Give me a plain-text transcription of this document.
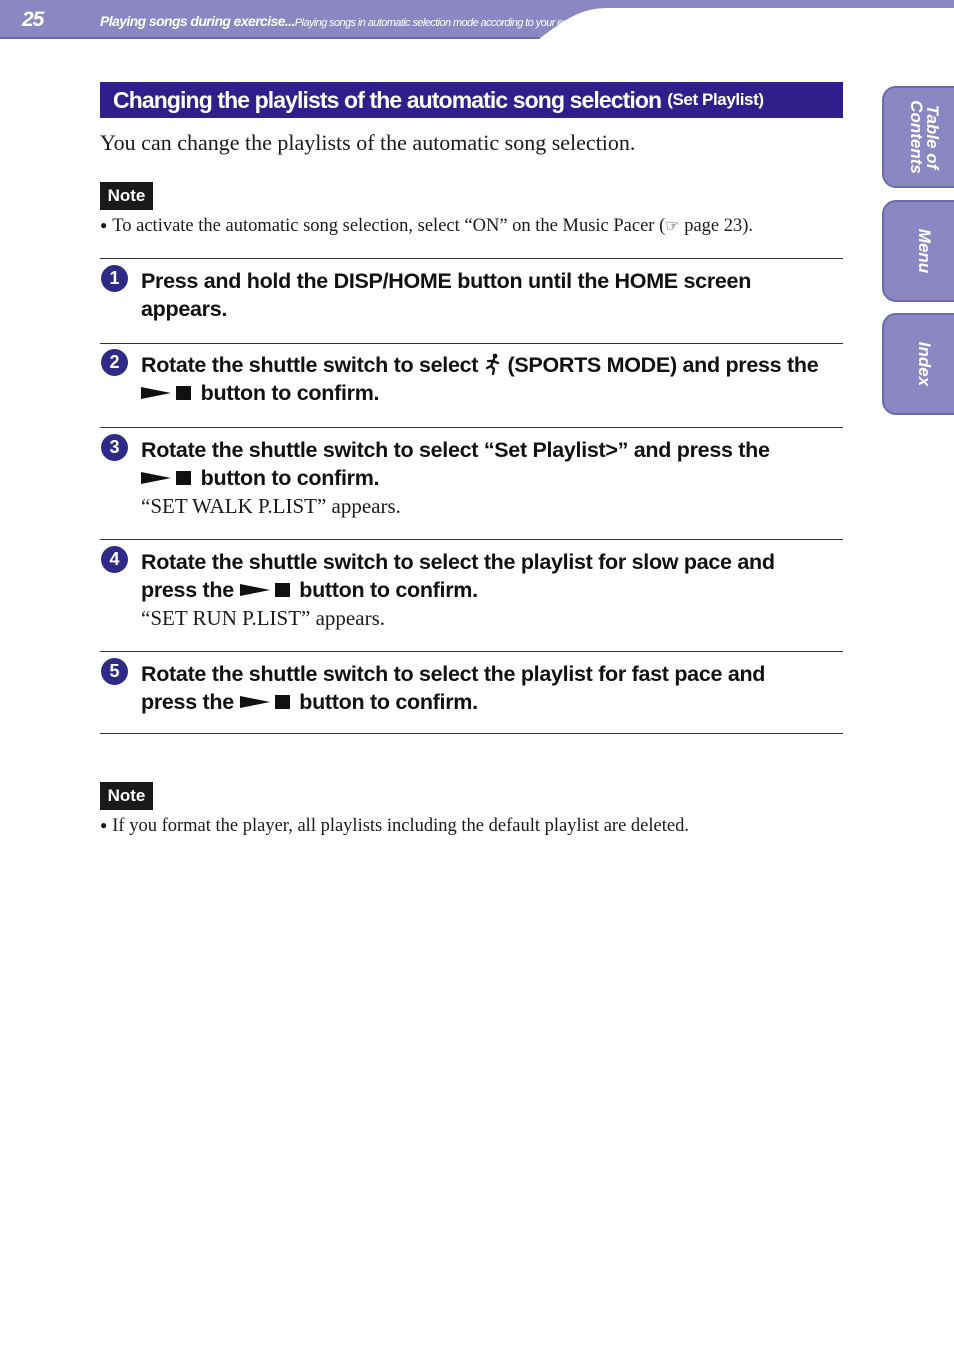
25	Playing songs during exercise...Playing songs in automatic selection mode according to your exercise pace
Table of
Contents
Menu
Index
Changing the playlists of the automatic song selection (Set Playlist)
You can change the playlists of the automatic song selection.
Note
● To activate the automatic song selection, select “ON” on the Music Pacer (☞ page 23).
1	Press and hold the DISP/HOME button until the HOME screen
appears.
2	Rotate the shuttle switch to select  (SPORTS MODE) and press the
button to confirm.
3	Rotate the shuttle switch to select “Set Playlist>” and press the
button to confirm.
“SET WALK P.LIST” appears.
4	Rotate the shuttle switch to select the playlist for slow pace and
press the	button to confirm.
“SET RUN P.LIST” appears.
5	Rotate the shuttle switch to select the playlist for fast pace and
press the	button to confirm.
Note
● If you format the player, all playlists including the default playlist are deleted.
